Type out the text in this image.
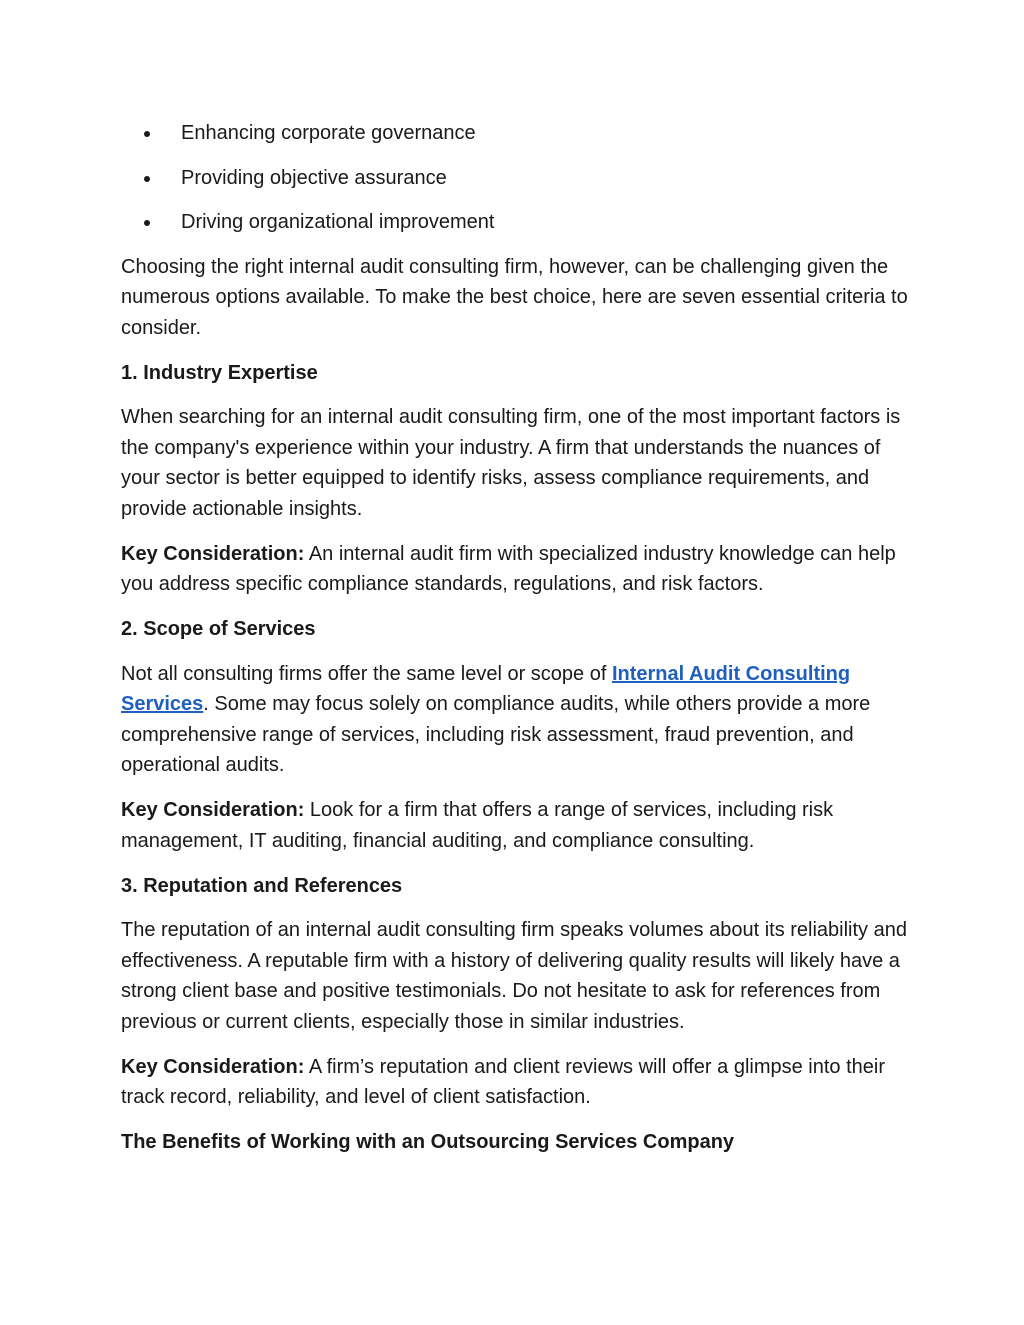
Enhancing corporate governance
Providing objective assurance
Driving organizational improvement

Choosing the right internal audit consulting firm, however, can be challenging given the numerous options available. To make the best choice, here are seven essential criteria to consider.

1. Industry Expertise

When searching for an internal audit consulting firm, one of the most important factors is the company's experience within your industry. A firm that understands the nuances of your sector is better equipped to identify risks, assess compliance requirements, and provide actionable insights.

Key Consideration: An internal audit firm with specialized industry knowledge can help you address specific compliance standards, regulations, and risk factors.

2. Scope of Services

Not all consulting firms offer the same level or scope of Internal Audit Consulting Services. Some may focus solely on compliance audits, while others provide a more comprehensive range of services, including risk assessment, fraud prevention, and operational audits.

Key Consideration: Look for a firm that offers a range of services, including risk management, IT auditing, financial auditing, and compliance consulting.

3. Reputation and References

The reputation of an internal audit consulting firm speaks volumes about its reliability and effectiveness. A reputable firm with a history of delivering quality results will likely have a strong client base and positive testimonials. Do not hesitate to ask for references from previous or current clients, especially those in similar industries.

Key Consideration: A firm’s reputation and client reviews will offer a glimpse into their track record, reliability, and level of client satisfaction.

The Benefits of Working with an Outsourcing Services Company
